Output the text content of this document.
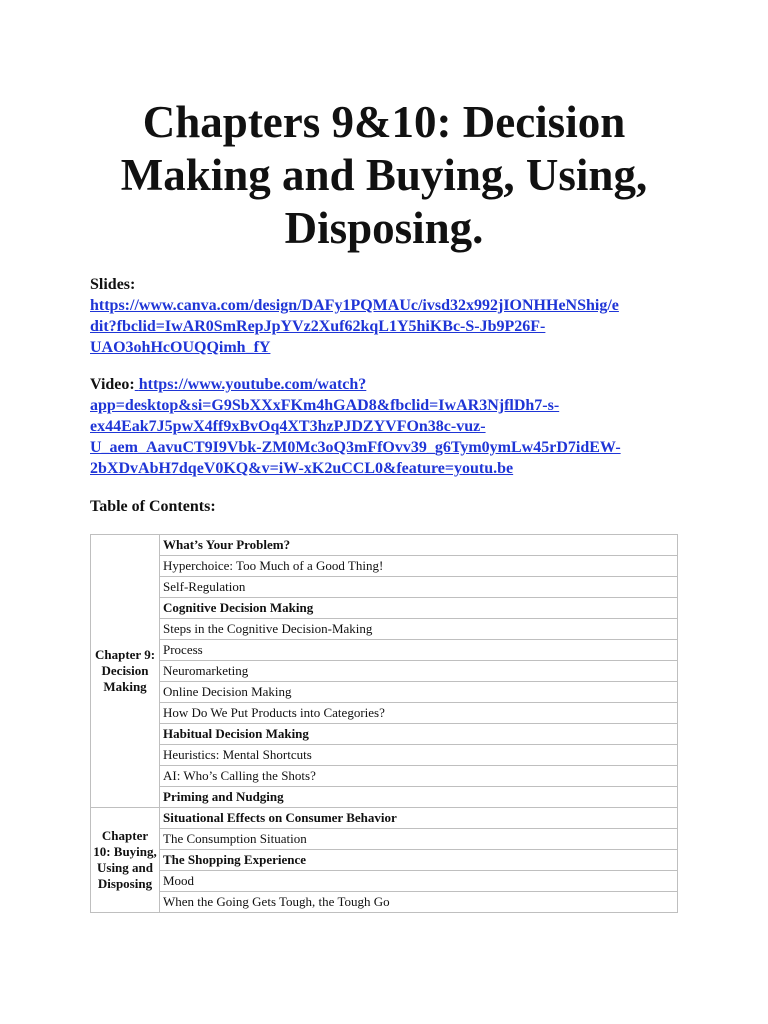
Chapters 9&10: Decision
Making and Buying, Using,
Disposing.
Slides:
https://www.canva.com/design/DAFy1PQMAUc/ivsd32x992jIONHHeNShig/e
dit?fbclid=IwAR0SmRepJpYVz2Xuf62kqL1Y5hiKBc-S-Jb9P26F-
UAO3ohHcOUQQimh_fY
Video: https://www.youtube.com/watch?
app=desktop&si=G9SbXXxFKm4hGAD8&fbclid=IwAR3NjflDh7-s-
ex44Eak7J5pwX4ff9xBvOq4XT3hzPJDZYVFOn38c-vuz-
U_aem_AavuCT9I9Vbk-ZM0Mc3oQ3mFfOvv39_g6Tym0ymLw45rD7idEW-
2bXDvAbH7dqeV0KQ&v=iW-xK2uCCL0&feature=youtu.be
Table of Contents:
Chapter 9: Decision Making	What’s Your Problem?
	Hyperchoice: Too Much of a Good Thing!
	Self-Regulation
	Cognitive Decision Making
	Steps in the Cognitive Decision-Making
	Process
	Neuromarketing
	Online Decision Making
	How Do We Put Products into Categories?
	Habitual Decision Making
	Heuristics: Mental Shortcuts
	AI: Who’s Calling the Shots?
	Priming and Nudging
Chapter 10: Buying, Using and Disposing	Situational Effects on Consumer Behavior
	The Consumption Situation
	The Shopping Experience
	Mood
	When the Going Gets Tough, the Tough Go
